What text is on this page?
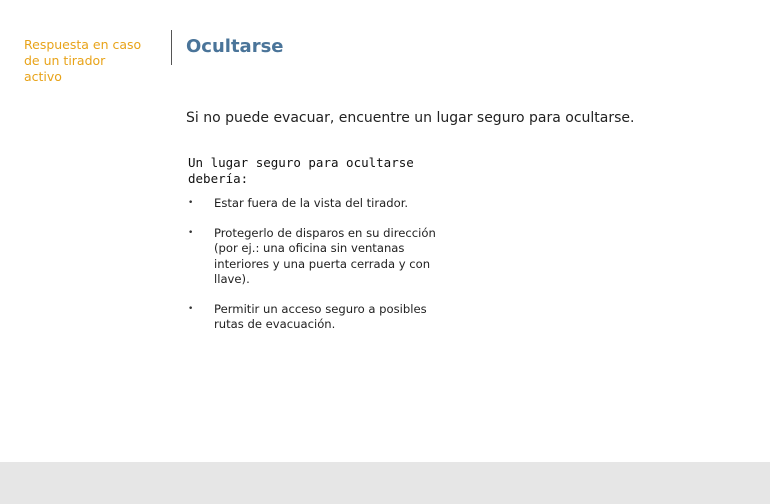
Respuesta en caso de un tirador activo
Ocultarse
Si no puede evacuar, encuentre un lugar seguro para ocultarse.
Un lugar seguro para ocultarse debería:
•	Estar fuera de la vista del tirador.
•	Protegerlo de disparos en su dirección (por ej.: una oficina sin ventanas interiores y una puerta cerrada y con llave).
•	Permitir un acceso seguro a posibles rutas de evacuación.
